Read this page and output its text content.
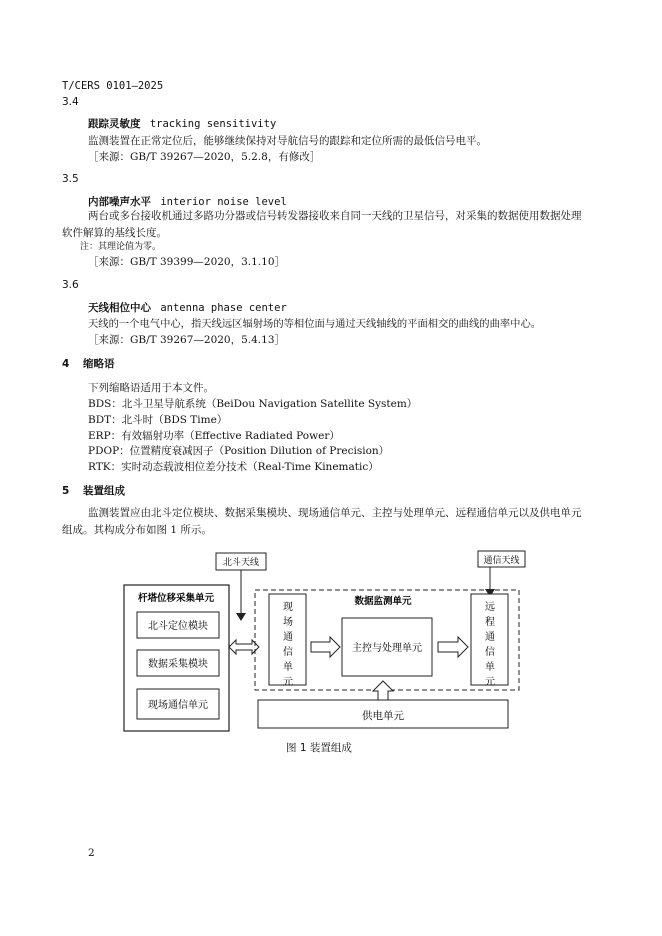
T/CERS 0101—2025
3.4
跟踪灵敏度 tracking sensitivity
监测装置在正常定位后，能够继续保持对导航信号的跟踪和定位所需的最低信号电平。
［来源：GB/T 39267—2020，5.2.8，有修改］
3.5
内部噪声水平 interior noise level
两台或多台接收机通过多路功分器或信号转发器接收来自同一天线的卫星信号，对采集的数据使用数据处理软件解算的基线长度。
注：其理论值为零。
［来源：GB/T 39399—2020，3.1.10］
3.6
天线相位中心 antenna phase center
天线的一个电气中心，指天线远区辐射场的等相位面与通过天线轴线的平面相交的曲线的曲率中心。
［来源：GB/T 39267—2020，5.4.13］
4 缩略语
下列缩略语适用于本文件。
BDS：北斗卫星导航系统（BeiDou Navigation Satellite System）
BDT：北斗时（BDS Time）
ERP：有效辐射功率（Effective Radiated Power）
PDOP：位置精度衰减因子（Position Dilution of Precision）
RTK：实时动态载波相位差分技术（Real-Time Kinematic）
5 装置组成
监测装置应由北斗定位模块、数据采集模块、现场通信单元、主控与处理单元、远程通信单元以及供电单元组成。其构成分布如图 1 所示。
北斗天线	通信天线
杆塔位移采集单元
北斗定位模块
数据采集模块
现场通信单元
数据监测单元
现
场
通
信
单
元
主控与处理单元
远
程
通
信
单
元
供电单元
图 1 装置组成
2
